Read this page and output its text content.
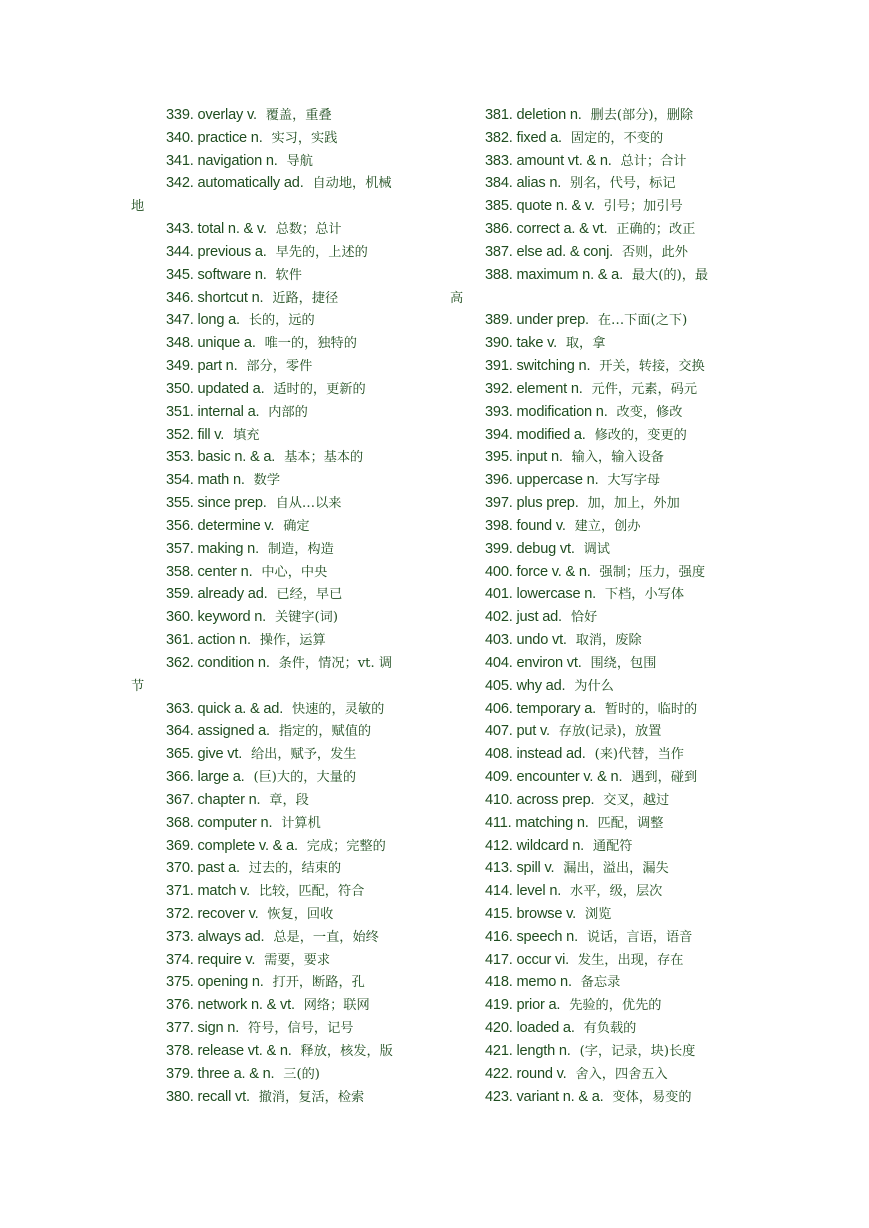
339. overlay v. 覆盖，重叠
340. practice n. 实习，实践
341. navigation n. 导航
342. automatically ad. 自动地，机械
地
343. total n. & v. 总数；总计
344. previous a. 早先的，上述的
345. software n. 软件
346. shortcut n. 近路，捷径
347. long a. 长的，远的
348. unique a. 唯一的，独特的
349. part n. 部分，零件
350. updated a. 适时的，更新的
351. internal a. 内部的
352. fill v. 填充
353. basic n. & a. 基本；基本的
354. math n. 数学
355. since prep. 自从…以来
356. determine v. 确定
357. making n. 制造，构造
358. center n. 中心，中央
359. already ad. 已经，早已
360. keyword n. 关键字(词)
361. action n. 操作，运算
362. condition n. 条件，情况；vt. 调
节
363. quick a. & ad. 快速的，灵敏的
364. assigned a. 指定的，赋值的
365. give vt. 给出，赋予，发生
366. large a. (巨)大的，大量的
367. chapter n. 章，段
368. computer n. 计算机
369. complete v. & a. 完成；完整的
370. past a. 过去的，结束的
371. match v. 比较，匹配，符合
372. recover v. 恢复，回收
373. always ad. 总是，一直，始终
374. require v. 需要，要求
375. opening n. 打开，断路，孔
376. network n. & vt. 网络；联网
377. sign n. 符号，信号，记号
378. release vt. & n. 释放，核发，版
379. three a. & n. 三(的)
380. recall vt. 撤消，复活，检索
381. deletion n. 删去(部分)，删除
382. fixed a. 固定的，不变的
383. amount vt. & n. 总计；合计
384. alias n. 别名，代号，标记
385. quote n. & v. 引号；加引号
386. correct a. & vt. 正确的；改正
387. else ad. & conj. 否则，此外
388. maximum n. & a. 最大(的)，最
高
389. under prep. 在…下面(之下)
390. take v. 取，拿
391. switching n. 开关，转接，交换
392. element n. 元件，元素，码元
393. modification n. 改变，修改
394. modified a. 修改的，变更的
395. input n. 输入，输入设备
396. uppercase n. 大写字母
397. plus prep. 加，加上，外加
398. found v. 建立，创办
399. debug vt. 调试
400. force v. & n. 强制；压力，强度
401. lowercase n. 下档，小写体
402. just ad. 恰好
403. undo vt. 取消，废除
404. environ vt. 围绕，包围
405. why ad. 为什么
406. temporary a. 暂时的，临时的
407. put v. 存放(记录)，放置
408. instead ad. (来)代替，当作
409. encounter v. & n. 遇到，碰到
410. across prep. 交叉，越过
411. matching n. 匹配，调整
412. wildcard n. 通配符
413. spill v. 漏出，溢出，漏失
414. level n. 水平，级，层次
415. browse v. 浏览
416. speech n. 说话，言语，语音
417. occur vi. 发生，出现，存在
418. memo n. 备忘录
419. prior a. 先验的，优先的
420. loaded a. 有负载的
421. length n. (字，记录，块)长度
422. round v. 舍入，四舍五入
423. variant n. & a. 变体，易变的
